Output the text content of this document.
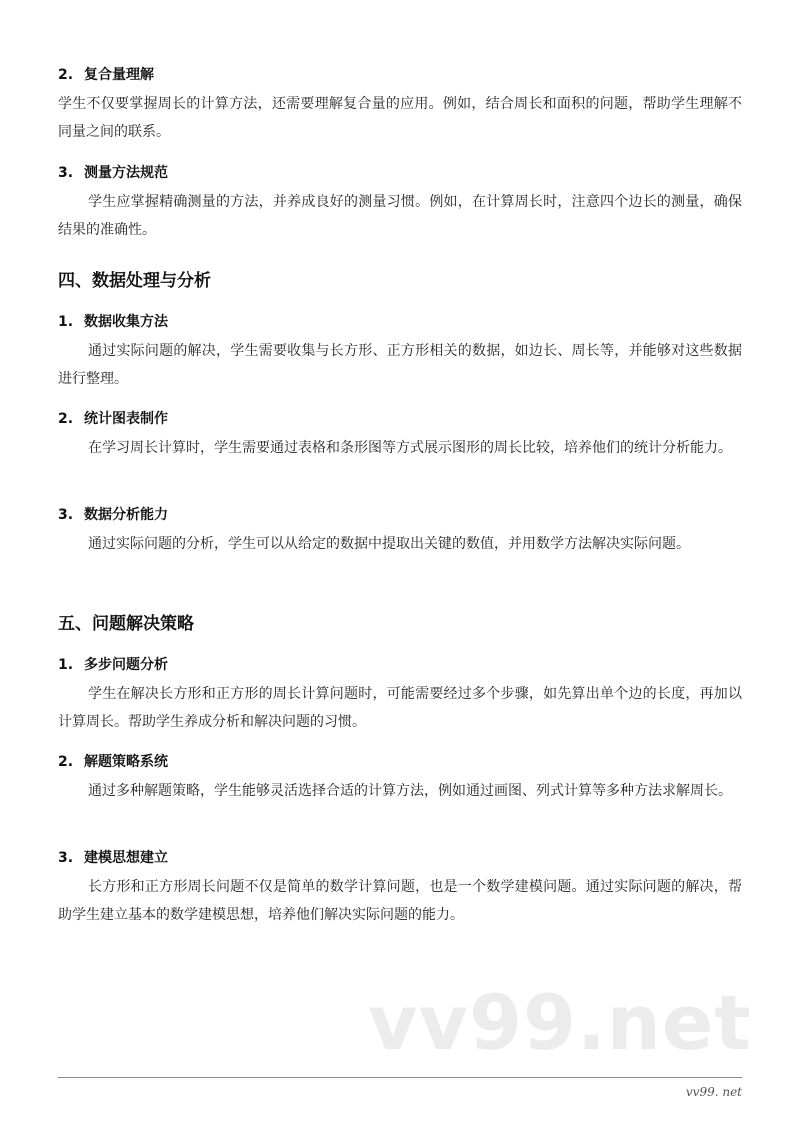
2. 复合量理解
学生不仅要掌握周长的计算方法，还需要理解复合量的应用。例如，结合周长和面积的问题，帮助学生理解不同量之间的联系。
3. 测量方法规范
学生应掌握精确测量的方法，并养成良好的测量习惯。例如，在计算周长时，注意四个边长的测量，确保结果的准确性。
四、数据处理与分析
1. 数据收集方法
通过实际问题的解决，学生需要收集与长方形、正方形相关的数据，如边长、周长等，并能够对这些数据进行整理。
2. 统计图表制作
在学习周长计算时，学生需要通过表格和条形图等方式展示图形的周长比较，培养他们的统计分析能力。
3. 数据分析能力
通过实际问题的分析，学生可以从给定的数据中提取出关键的数值，并用数学方法解决实际问题。
五、问题解决策略
1. 多步问题分析
学生在解决长方形和正方形的周长计算问题时，可能需要经过多个步骤，如先算出单个边的长度，再加以计算周长。帮助学生养成分析和解决问题的习惯。
2. 解题策略系统
通过多种解题策略，学生能够灵活选择合适的计算方法，例如通过画图、列式计算等多种方法求解周长。
3. 建模思想建立
长方形和正方形周长问题不仅是简单的数学计算问题，也是一个数学建模问题。通过实际问题的解决，帮助学生建立基本的数学建模思想，培养他们解决实际问题的能力。
vv99.net
vv99. net
